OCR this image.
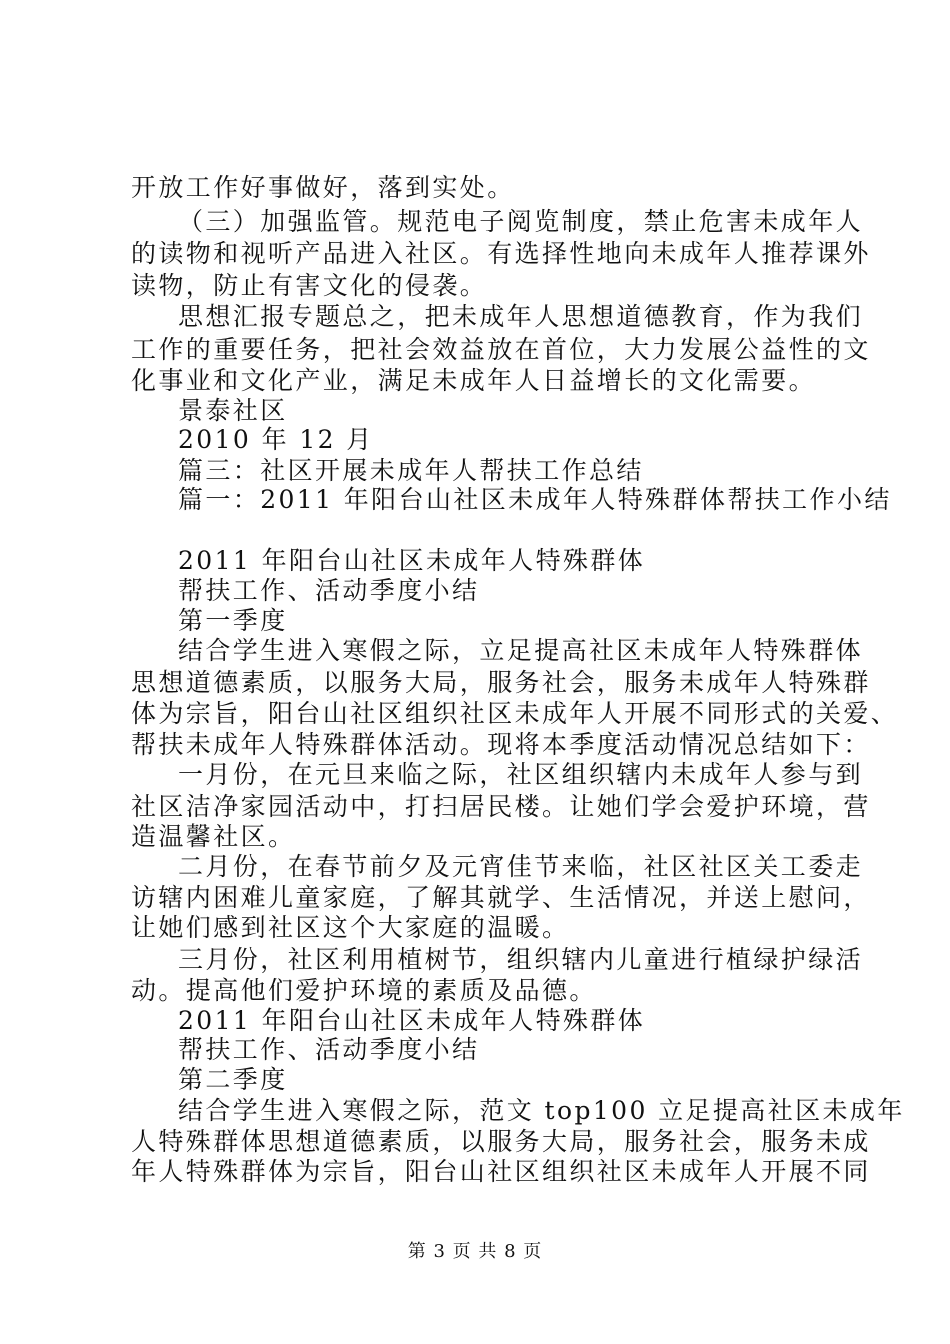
开放工作好事做好，落到实处。
（三）加强监管。规范电子阅览制度，禁止危害未成年人
的读物和视听产品进入社区。有选择性地向未成年人推荐课外
读物，防止有害文化的侵袭。
思想汇报专题总之，把未成年人思想道德教育，作为我们
工作的重要任务，把社会效益放在首位，大力发展公益性的文
化事业和文化产业，满足未成年人日益增长的文化需要。
景泰社区
2010 年 12 月
篇三：社区开展未成年人帮扶工作总结
篇一：2011 年阳台山社区未成年人特殊群体帮扶工作小结
2011 年阳台山社区未成年人特殊群体
帮扶工作、活动季度小结
第一季度
结合学生进入寒假之际，立足提高社区未成年人特殊群体
思想道德素质，以服务大局，服务社会，服务未成年人特殊群
体为宗旨，阳台山社区组织社区未成年人开展不同形式的关爱、
帮扶未成年人特殊群体活动。现将本季度活动情况总结如下：
一月份，在元旦来临之际，社区组织辖内未成年人参与到
社区洁净家园活动中，打扫居民楼。让她们学会爱护环境，营
造温馨社区。
二月份，在春节前夕及元宵佳节来临，社区社区关工委走
访辖内困难儿童家庭，了解其就学、生活情况，并送上慰问，
让她们感到社区这个大家庭的温暖。
三月份，社区利用植树节，组织辖内儿童进行植绿护绿活
动。提高他们爱护环境的素质及品德。
2011 年阳台山社区未成年人特殊群体
帮扶工作、活动季度小结
第二季度
结合学生进入寒假之际，范文 top100 立足提高社区未成年
人特殊群体思想道德素质，以服务大局，服务社会，服务未成
年人特殊群体为宗旨，阳台山社区组织社区未成年人开展不同
第 3 页 共 8 页
